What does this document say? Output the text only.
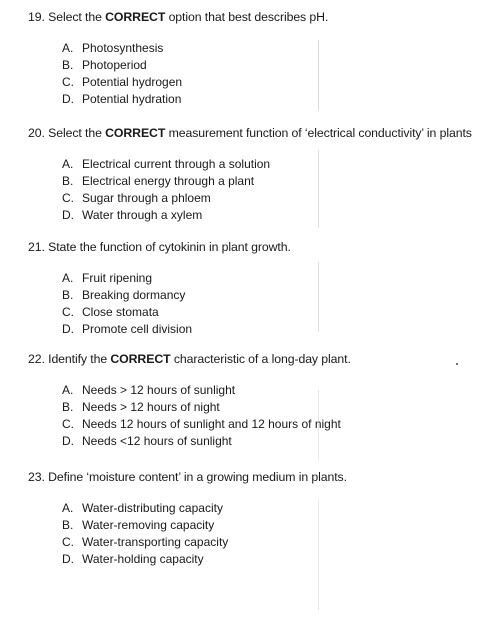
19. Select the CORRECT option that best describes pH.
A. Photosynthesis
B. Photoperiod
C. Potential hydrogen
D. Potential hydration
20. Select the CORRECT measurement function of ‘electrical conductivity’ in plants
A. Electrical current through a solution
B. Electrical energy through a plant
C. Sugar through a phloem
D. Water through a xylem
21. State the function of cytokinin in plant growth.
A. Fruit ripening
B. Breaking dormancy
C. Close stomata
D. Promote cell division
22. Identify the CORRECT characteristic of a long-day plant.
A. Needs > 12 hours of sunlight
B. Needs > 12 hours of night
C. Needs 12 hours of sunlight and 12 hours of night
D. Needs <12 hours of sunlight
23. Define ‘moisture content’ in a growing medium in plants.
A. Water-distributing capacity
B. Water-removing capacity
C. Water-transporting capacity
D. Water-holding capacity
